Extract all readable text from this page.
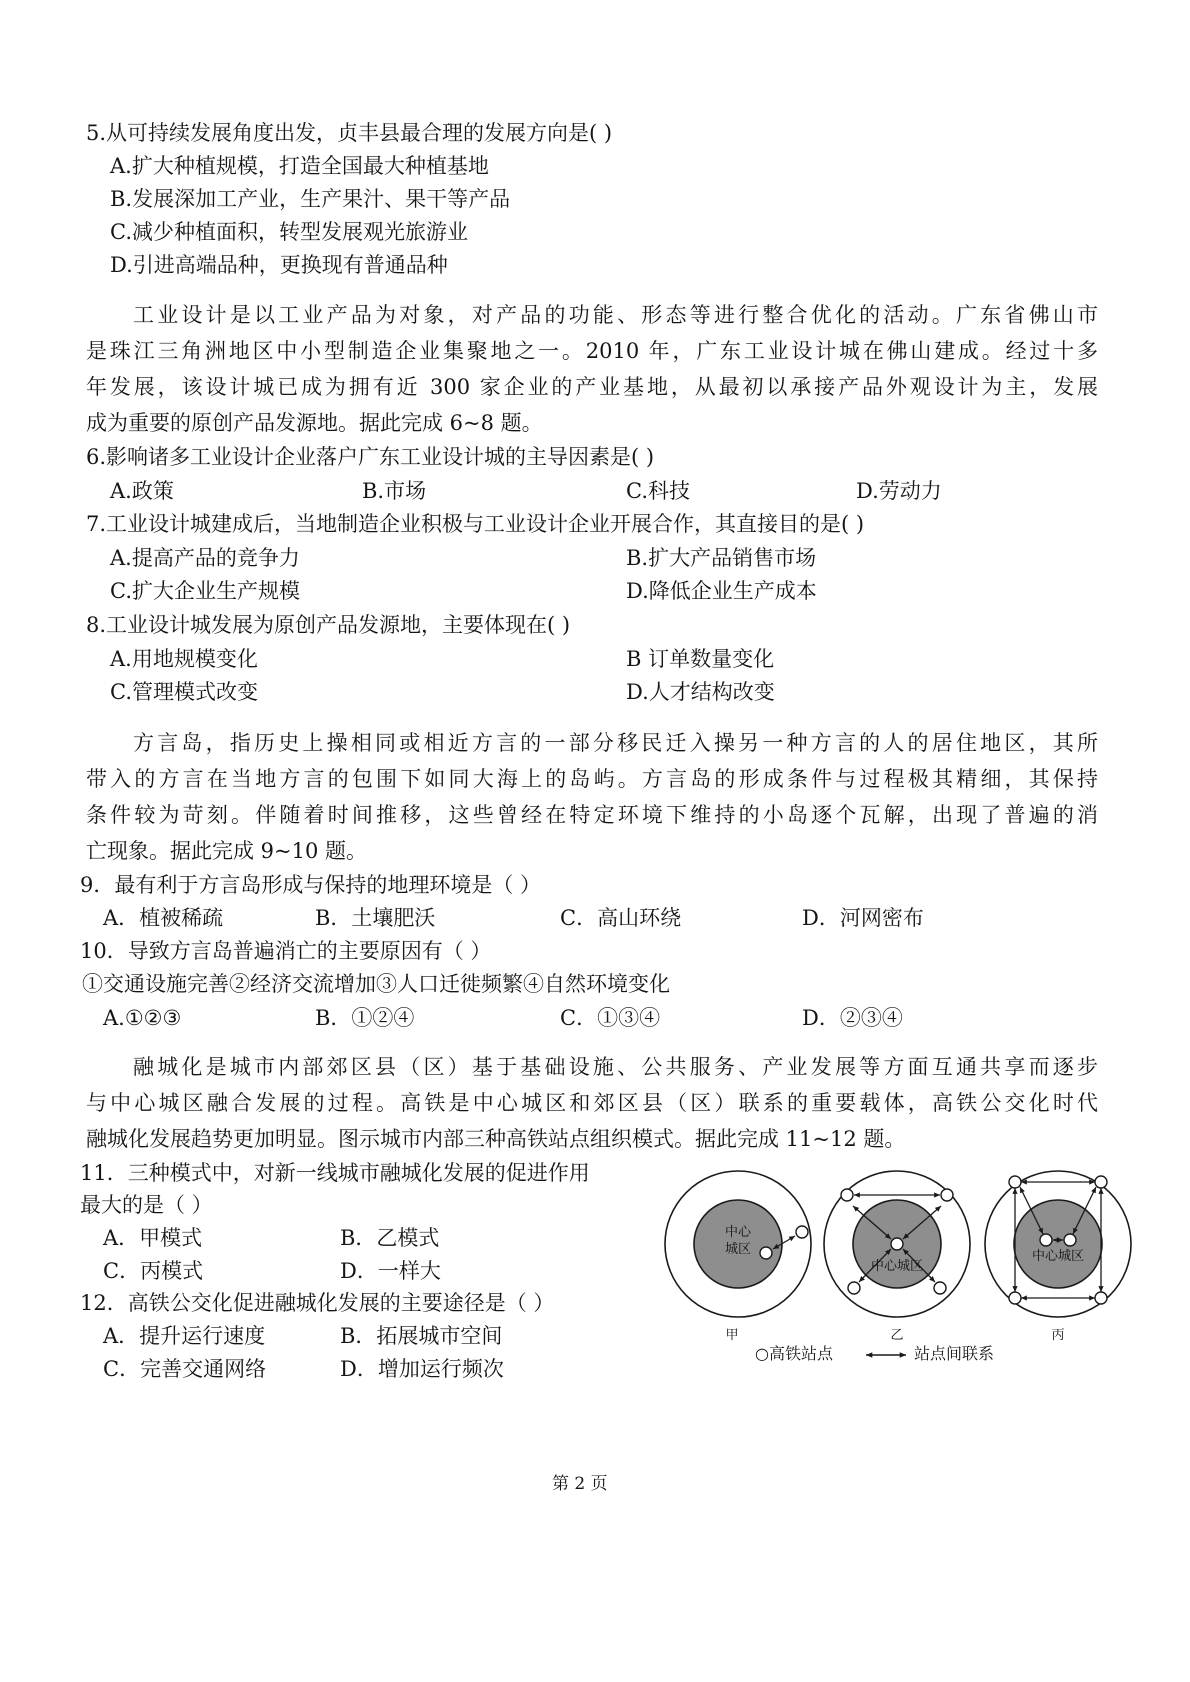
5.从可持续发展角度出发，贞丰县最合理的发展方向是( )
A.扩大种植规模，打造全国最大种植基地
B.发展深加工产业，生产果汁、果干等产品
C.减少种植面积，转型发展观光旅游业
D.引进高端品种，更换现有普通品种
工业设计是以工业产品为对象，对产品的功能、形态等进行整合优化的活动。广东省佛山市
是珠江三角洲地区中小型制造企业集聚地之一。2010 年，广东工业设计城在佛山建成。经过十多
年发展，该设计城已成为拥有近 300 家企业的产业基地，从最初以承接产品外观设计为主，发展
成为重要的原创产品发源地。据此完成 6~8 题。
6.影响诸多工业设计企业落户广东工业设计城的主导因素是( )
A.政策	B.市场	C.科技	D.劳动力
7.工业设计城建成后，当地制造企业积极与工业设计企业开展合作，其直接目的是( )
A.提高产品的竞争力	B.扩大产品销售市场
C.扩大企业生产规模	D.降低企业生产成本
8.工业设计城发展为原创产品发源地，主要体现在( )
A.用地规模变化	B 订单数量变化
C.管理模式改变	D.人才结构改变
方言岛，指历史上操相同或相近方言的一部分移民迁入操另一种方言的人的居住地区，其所
带入的方言在当地方言的包围下如同大海上的岛屿。方言岛的形成条件与过程极其精细，其保持
条件较为苛刻。伴随着时间推移，这些曾经在特定环境下维持的小岛逐个瓦解，出现了普遍的消
亡现象。据此完成 9~10 题。
9．最有利于方言岛形成与保持的地理环境是（ ）
A．植被稀疏	B．土壤肥沃	C．高山环绕	D．河网密布
10．导致方言岛普遍消亡的主要原因有（ ）
①交通设施完善②经济交流增加③人口迁徙频繁④自然环境变化
A.①②③	B．①②④	C．①③④	D．②③④
融城化是城市内部郊区县（区）基于基础设施、公共服务、产业发展等方面互通共享而逐步
与中心城区融合发展的过程。高铁是中心城区和郊区县（区）联系的重要载体，高铁公交化时代
融城化发展趋势更加明显。图示城市内部三种高铁站点组织模式。据此完成 11~12 题。
11．三种模式中，对新一线城市融城化发展的促进作用
最大的是（ ）
A．甲模式	B．乙模式
C．丙模式	D．一样大
12．高铁公交化促进融城化发展的主要途径是（ ）
A．提升运行速度	B．拓展城市空间
C．完善交通网络	D．增加运行频次
中心
城区
中心城区
中心城区
甲	乙	丙
○高铁站点	站点间联系
第 2 页
